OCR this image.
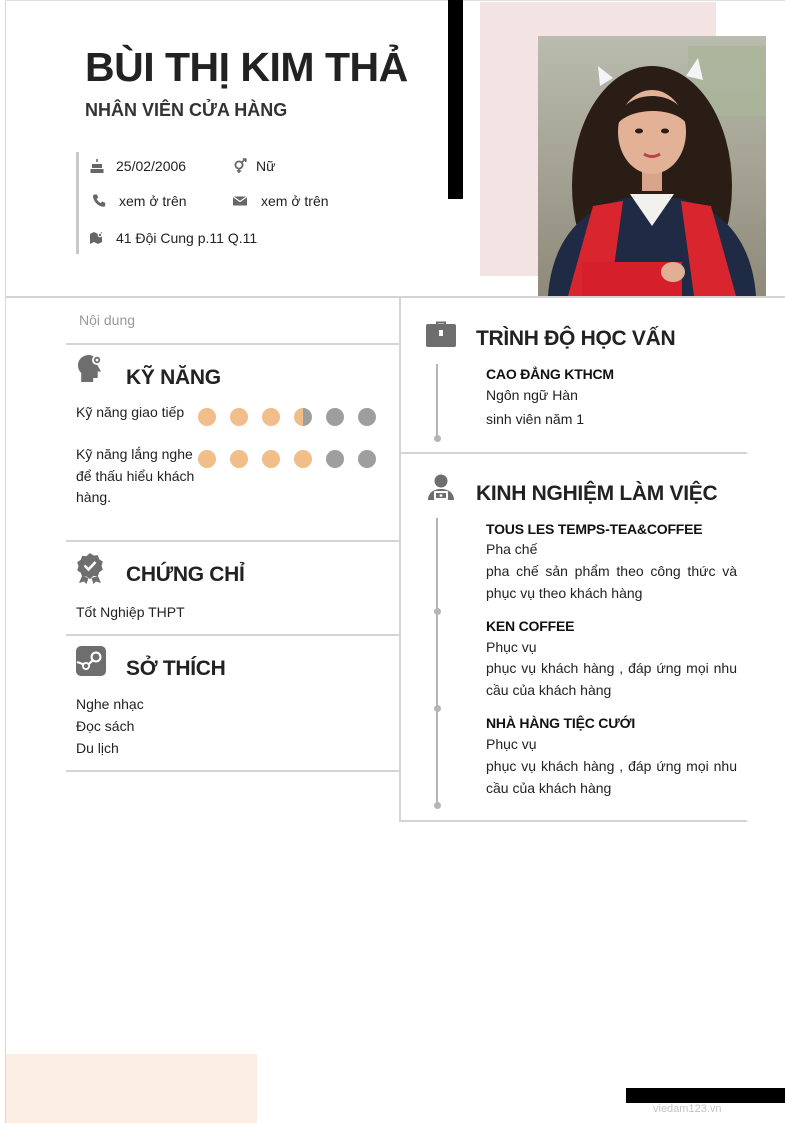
BÙI THỊ KIM THẢ
NHÂN VIÊN CỬA HÀNG
25/02/2006	Nữ
xem ở trên	xem ở trên
41 Đội Cung p.11 Q.11
Nội dung
KỸ NĂNG
Kỹ năng giao tiếp
Kỹ năng lắng nghe để thấu hiểu khách hàng.
CHỨNG CHỈ
Tốt Nghiệp THPT
SỞ THÍCH
Nghe nhạc
Đọc sách
Du lịch
TRÌNH ĐỘ HỌC VẤN
CAO ĐẲNG KTHCM
Ngôn ngữ Hàn
sinh viên năm 1
KINH NGHIỆM LÀM VIỆC
TOUS LES TEMPS-TEA&COFFEE
Pha chế
pha chế sản phẩm theo công thức và phục vụ theo khách hàng
KEN COFFEE
Phục vụ
phục vụ khách hàng , đáp ứng mọi nhu cầu của khách hàng
NHÀ HÀNG TIỆC CƯỚI
Phục vụ
phục vụ khách hàng , đáp ứng mọi nhu cầu của khách hàng
viedam123.vn
